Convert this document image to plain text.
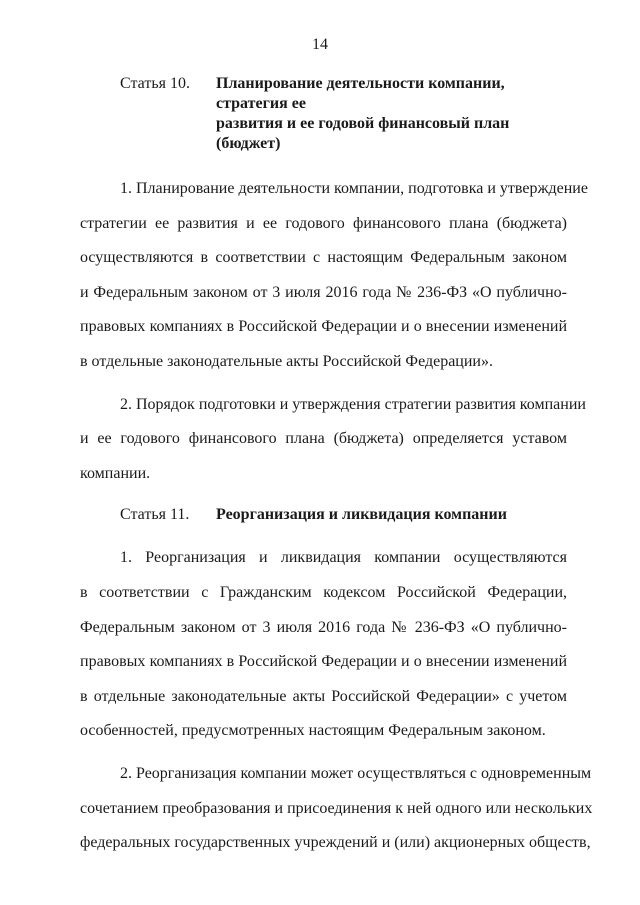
14
Статья 10.	Планирование деятельности компании, стратегия ее
развития и ее годовой финансовый план (бюджет)
1. Планирование деятельности компании, подготовка и утверждение
стратегии ее развития и ее годового финансового плана (бюджета)
осуществляются в соответствии с настоящим Федеральным законом
и Федеральным законом от 3 июля 2016 года № 236-ФЗ «О публично-
правовых компаниях в Российской Федерации и о внесении изменений
в отдельные законодательные акты Российской Федерации».
2. Порядок подготовки и утверждения стратегии развития компании
и ее годового финансового плана (бюджета) определяется уставом
компании.
Статья 11.	Реорганизация и ликвидация компании
1. Реорганизация и ликвидация компании осуществляются
в соответствии с Гражданским кодексом Российской Федерации,
Федеральным законом от 3 июля 2016 года № 236-ФЗ «О публично-
правовых компаниях в Российской Федерации и о внесении изменений
в отдельные законодательные акты Российской Федерации» с учетом
особенностей, предусмотренных настоящим Федеральным законом.
2. Реорганизация компании может осуществляться с одновременным
сочетанием преобразования и присоединения к ней одного или нескольких
федеральных государственных учреждений и (или) акционерных обществ,
